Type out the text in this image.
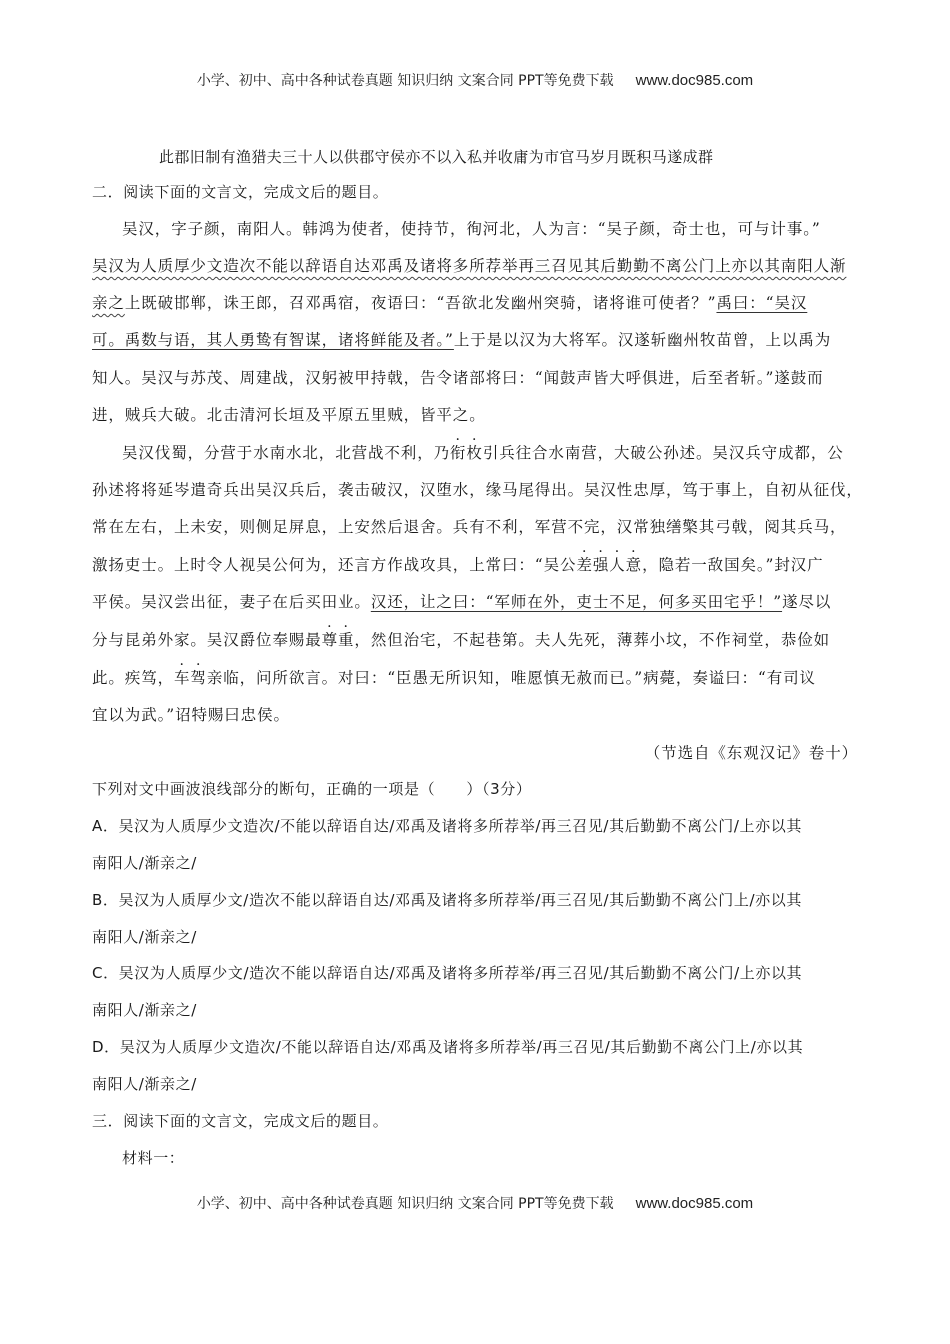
小学、初中、高中各种试卷真题 知识归纳 文案合同 PPT等免费下载 www.doc985.com
此郡旧制有渔猎夫三十人以供郡守侯亦不以入私并收庸为市官马岁月既积马遂成群
二．阅读下面的文言文，完成文后的题目。
吴汉，字子颜，南阳人。韩鸿为使者，使持节，徇河北，人为言：“吴子颜，奇士也，可与计事。”
吴汉为人质厚少文造次不能以辞语自达邓禹及诸将多所荐举再三召见其后勤勤不离公门上亦以其南阳人渐
亲之上既破邯郸，诛王郎，召邓禹宿，夜语曰：“吾欲北发幽州突骑，诸将谁可使者？”禹曰：“吴汉
可。禹数与语，其人勇鸷有智谋，诸将鲜能及者。”上于是以汉为大将军。汉遂斩幽州牧苗曾，上以禹为
知人。吴汉与苏茂、周建战，汉躬被甲持戟，告令诸部将曰：“闻鼓声皆大呼俱进，后至者斩。”遂鼓而
进，贼兵大破。北击清河长垣及平原五里贼，皆平之。
吴汉伐蜀，分营于水南水北，北营战不利，乃衔枚引兵往合水南营，大破公孙述。吴汉兵守成都，公
孙述将将延岑遣奇兵出吴汉兵后，袭击破汉，汉堕水，缘马尾得出。吴汉性忠厚，笃于事上，自初从征伐，
常在左右，上未安，则侧足屏息，上安然后退舍。兵有不利，军营不完，汉常独缮檠其弓戟，阅其兵马，
激扬吏士。上时令人视吴公何为，还言方作战攻具，上常曰：“吴公差强人意，隐若一敌国矣。”封汉广
平侯。吴汉尝出征，妻子在后买田业。汉还，让之曰：“军师在外，吏士不足，何多买田宅乎！”遂尽以
分与昆弟外家。吴汉爵位奉赐最尊重，然但治宅，不起巷第。夫人先死，薄葬小坟，不作祠堂，恭俭如
此。疾笃，车驾亲临，问所欲言。对曰：“臣愚无所识知，唯愿慎无赦而已。”病薨，奏谥曰：“有司议
宜以为武。”诏特赐曰忠侯。
（节选自《东观汉记》卷十）
下列对文中画波浪线部分的断句，正确的一项是（　　）（3分）
A．吴汉为人质厚少文造次/不能以辞语自达/邓禹及诸将多所荐举/再三召见/其后勤勤不离公门/上亦以其
南阳人/渐亲之/
B．吴汉为人质厚少文/造次不能以辞语自达/邓禹及诸将多所荐举/再三召见/其后勤勤不离公门上/亦以其
南阳人/渐亲之/
C．吴汉为人质厚少文/造次不能以辞语自达/邓禹及诸将多所荐举/再三召见/其后勤勤不离公门/上亦以其
南阳人/渐亲之/
D．吴汉为人质厚少文造次/不能以辞语自达/邓禹及诸将多所荐举/再三召见/其后勤勤不离公门上/亦以其
南阳人/渐亲之/
三．阅读下面的文言文，完成文后的题目。
材料一：
小学、初中、高中各种试卷真题 知识归纳 文案合同 PPT等免费下载 www.doc985.com
